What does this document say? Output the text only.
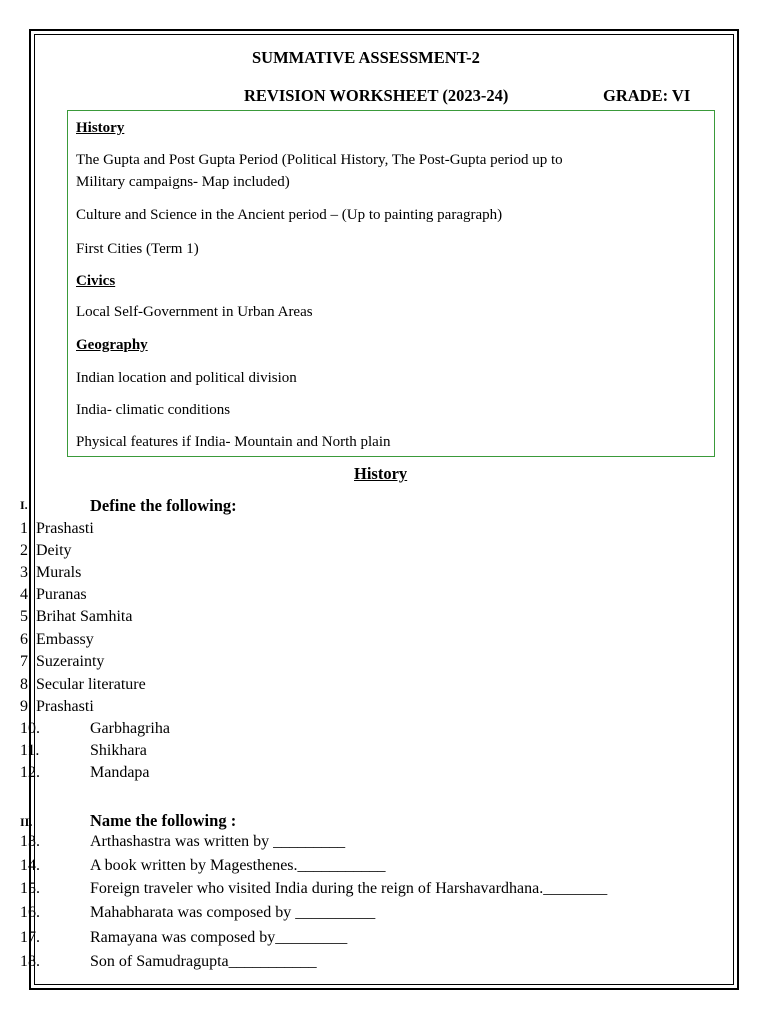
SUMMATIVE ASSESSMENT-2
REVISION WORKSHEET (2023-24)	GRADE: VI
History
The Gupta and Post Gupta Period (Political History, The Post-Gupta period up to
Military campaigns- Map included)
Culture and Science in the Ancient period – (Up to painting paragraph)
First Cities (Term 1)
Civics
Local Self-Government in Urban Areas
Geography
Indian location and political division
India- climatic conditions
Physical features if India- Mountain and North plain
History
I.	Define the following:
1. Prashasti
2. Deity
3. Murals
4. Puranas
5. Brihat Samhita
6. Embassy
7. Suzerainty
8. Secular literature
9. Prashasti
10.	Garbhagriha
11.	Shikhara
12.	Mandapa
II.	Name the following :
13.	Arthashastra was written by _________
14.	A book written by Magesthenes.___________
15.	Foreign traveler who visited India during the reign of Harshavardhana.________
16.	Mahabharata was composed by __________
17.	Ramayana was composed by_________
18.	Son of Samudragupta___________
